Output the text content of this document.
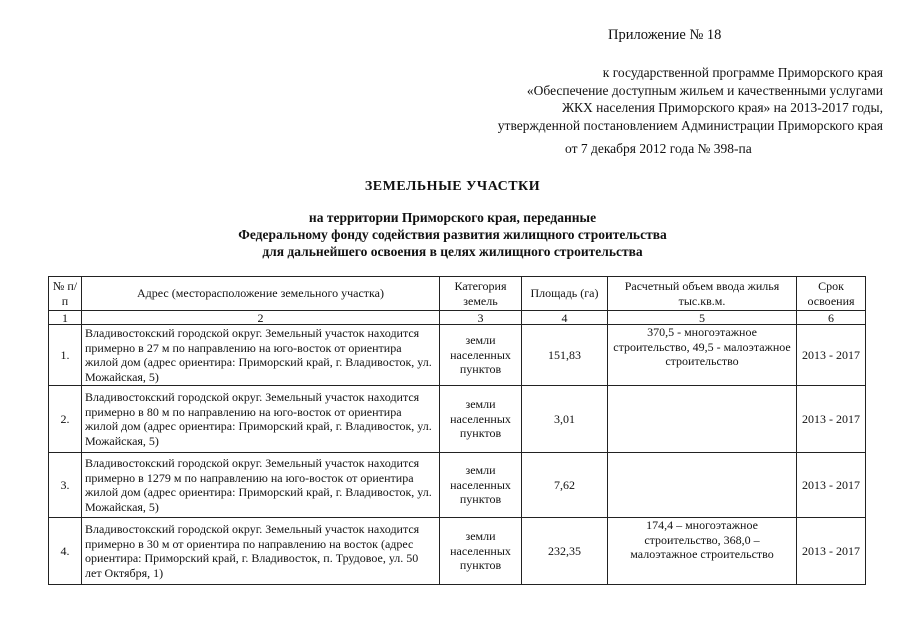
Приложение № 18
к государственной программе Приморского края
«Обеспечение доступным жильем и качественными услугами
ЖКХ населения Приморского края» на 2013-2017 годы,
утвержденной постановлением Администрации Приморского края
от 7 декабря 2012 года № 398-па
ЗЕМЕЛЬНЫЕ УЧАСТКИ
на территории Приморского края, переданные
Федеральному фонду содействия развития жилищного строительства
для дальнейшего освоения в целях жилищного строительства
№ п/п	Адрес (месторасположение земельного участка)	Категория земель	Площадь (га)	Расчетный объем ввода жилья тыс.кв.м.	Срок освоения
1	2	3	4	5	6
1.	Владивостокский городской округ. Земельный участок находится примерно в 27 м по направлению на юго-восток от ориентира жилой дом (адрес ориентира: Приморский край, г. Владивосток, ул. Можайская, 5)	земли населенных пунктов	151,83	370,5 - многоэтажное строительство, 49,5 - малоэтажное строительство	2013 - 2017
2.	Владивостокский городской округ. Земельный участок находится примерно в 80 м по направлению на юго-восток от ориентира жилой дом (адрес ориентира: Приморский край, г. Владивосток, ул. Можайская, 5)	земли населенных пунктов	3,01		2013 - 2017
3.	Владивостокский городской округ. Земельный участок находится примерно в 1279 м по направлению на юго-восток от ориентира жилой дом (адрес ориентира: Приморский край, г. Владивосток, ул. Можайская, 5)	земли населенных пунктов	7,62		2013 - 2017
4.	Владивостокский городской округ. Земельный участок находится примерно в 30 м от ориентира по направлению на восток (адрес ориентира: Приморский край, г. Владивосток, п. Трудовое, ул. 50 лет Октября, 1)	земли населенных пунктов	232,35	174,4 – многоэтажное строительство, 368,0 – малоэтажное строительство	2013 - 2017
